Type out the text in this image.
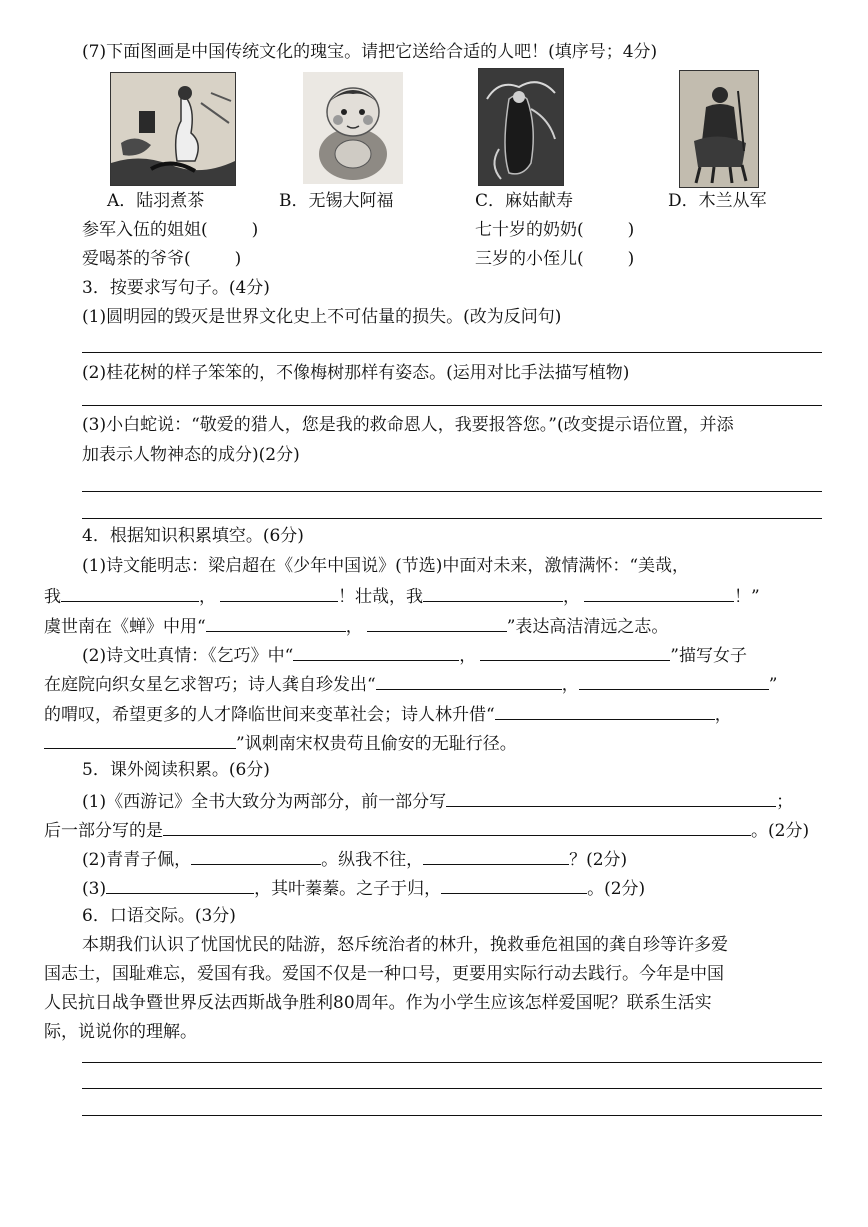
(7)下面图画是中国传统文化的瑰宝。请把它送给合适的人吧！(填序号；4分)
A．陆羽煮茶	B．无锡大阿福	C．麻姑献寿	D．木兰从军
参军入伍的姐姐(	)	七十岁的奶奶(	)
爱喝茶的爷爷(	)	三岁的小侄儿(	)
3．按要求写句子。(4分)
(1)圆明园的毁灭是世界文化史上不可估量的损失。(改为反问句)
(2)桂花树的样子笨笨的，不像梅树那样有姿态。(运用对比手法描写植物)
(3)小白蛇说：“敬爱的猎人，您是我的救命恩人，我要报答您。”(改变提示语位置，并添
加表示人物神态的成分)(2分)
4．根据知识积累填空。(6分)
(1)诗文能明志：梁启超在《少年中国说》(节选)中面对未来，激情满怀：“美哉，
我	，	！壮哉，我	，	！”
虞世南在《蝉》中用“	，	”表达高洁清远之志。
(2)诗文吐真情：《乞巧》中“	，	”描写女子
在庭院向织女星乞求智巧；诗人龚自珍发出“	，	”
的喟叹，希望更多的人才降临世间来变革社会；诗人林升借“	，
”讽刺南宋权贵苟且偷安的无耻行径。
5．课外阅读积累。(6分)
(1)《西游记》全书大致分为两部分，前一部分写	；
后一部分写的是	。(2分)
(2)青青子佩，	。纵我不往，	？(2分)
(3)	，其叶蓁蓁。之子于归，	。(2分)
6．口语交际。(3分)
本期我们认识了忧国忧民的陆游，怒斥统治者的林升，挽救垂危祖国的龚自珍等许多爱
国志士，国耻难忘，爱国有我。爱国不仅是一种口号，更要用实际行动去践行。今年是中国
人民抗日战争暨世界反法西斯战争胜利80周年。作为小学生应该怎样爱国呢？联系生活实
际，说说你的理解。
